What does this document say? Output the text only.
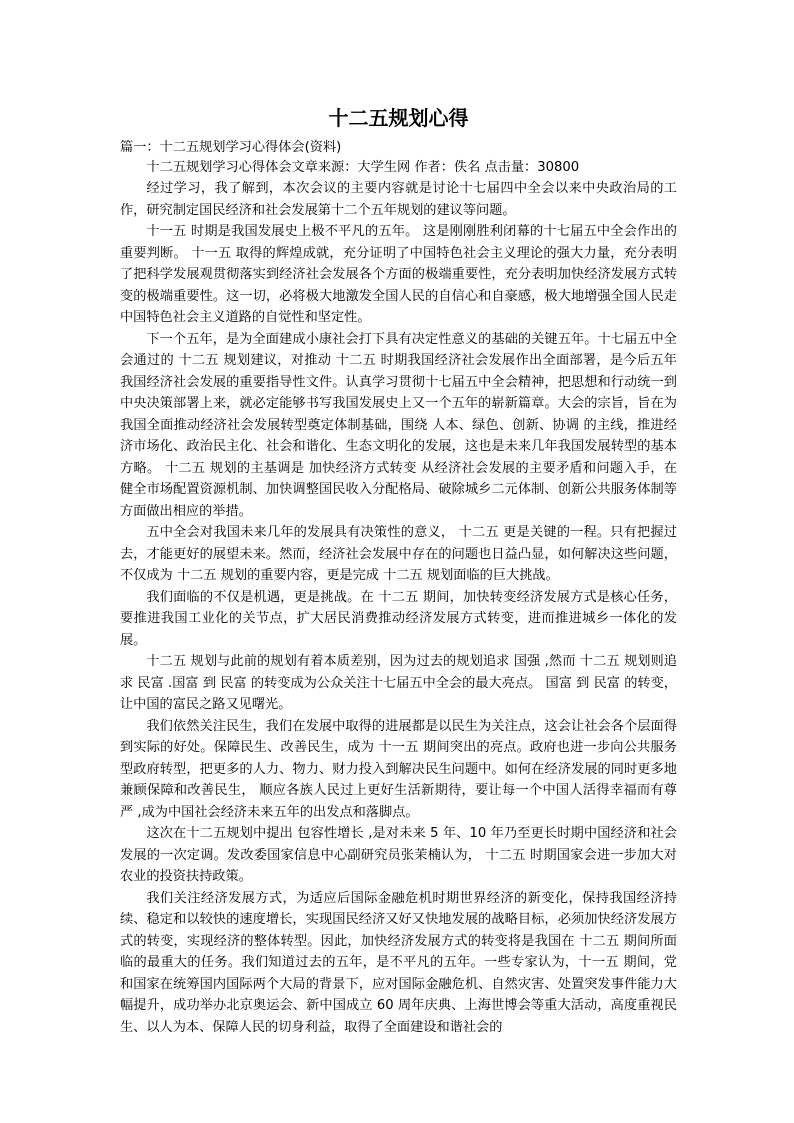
十二五规划心得

篇一：十二五规划学习心得体会(资料)

十二五规划学习心得体会文章来源：大学生网 作者：佚名 点击量：30800

经过学习，我了解到，本次会议的主要内容就是讨论十七届四中全会以来中央政治局的工作，研究制定国民经济和社会发展第十二个五年规划的建议等问题。

十一五 时期是我国发展史上极不平凡的五年。 这是刚刚胜利闭幕的十七届五中全会作出的重要判断。 十一五 取得的辉煌成就，充分证明了中国特色社会主义理论的强大力量，充分表明了把科学发展观贯彻落实到经济社会发展各个方面的极端重要性，充分表明加快经济发展方式转变的极端重要性。这一切，必将极大地激发全国人民的自信心和自豪感，极大地增强全国人民走中国特色社会主义道路的自觉性和坚定性。

下一个五年，是为全面建成小康社会打下具有决定性意义的基础的关键五年。十七届五中全会通过的 十二五 规划建议，对推动 十二五 时期我国经济社会发展作出全面部署，是今后五年我国经济社会发展的重要指导性文件。认真学习贯彻十七届五中全会精神，把思想和行动统一到中央决策部署上来，就必定能够书写我国发展史上又一个五年的崭新篇章。大会的宗旨，旨在为我国全面推动经济社会发展转型奠定体制基础，围绕 人本、绿色、创新、协调 的主线，推进经济市场化、政治民主化、社会和谐化、生态文明化的发展，这也是未来几年我国发展转型的基本方略。 十二五 规划的主基调是 加快经济方式转变 从经济社会发展的主要矛盾和问题入手，在健全市场配置资源机制、加快调整国民收入分配格局、破除城乡二元体制、创新公共服务体制等方面做出相应的举措。

五中全会对我国未来几年的发展具有决策性的意义， 十二五 更是关键的一程。只有把握过去，才能更好的展望未来。然而，经济社会发展中存在的问题也日益凸显，如何解决这些问题，不仅成为 十二五 规划的重要内容，更是完成 十二五 规划面临的巨大挑战。

我们面临的不仅是机遇，更是挑战。在 十二五 期间，加快转变经济发展方式是核心任务，要推进我国工业化的关节点，扩大居民消费推动经济发展方式转变，进而推进城乡一体化的发展。

十二五 规划与此前的规划有着本质差别，因为过去的规划追求 国强 ,然而 十二五 规划则追求 民富 .国富 到 民富 的转变成为公众关注十七届五中全会的最大亮点。 国富 到 民富 的转变，让中国的富民之路又见曙光。

我们依然关注民生，我们在发展中取得的进展都是以民生为关注点，这会让社会各个层面得到实际的好处。保障民生、改善民生，成为 十一五 期间突出的亮点。政府也进一步向公共服务型政府转型，把更多的人力、物力、财力投入到解决民生问题中。如何在经济发展的同时更多地兼顾保障和改善民生， 顺应各族人民过上更好生活新期待，要让每一个中国人活得幸福而有尊严 ,成为中国社会经济未来五年的出发点和落脚点。

这次在十二五规划中提出 包容性增长 ,是对未来 5 年、10 年乃至更长时期中国经济和社会发展的一次定调。发改委国家信息中心副研究员张茉楠认为， 十二五 时期国家会进一步加大对农业的投资扶持政策。

我们关注经济发展方式，为适应后国际金融危机时期世界经济的新变化，保持我国经济持续、稳定和以较快的速度增长，实现国民经济又好又快地发展的战略目标，必须加快经济发展方式的转变，实现经济的整体转型。因此，加快经济发展方式的转变将是我国在 十二五 期间所面临的最重大的任务。我们知道过去的五年，是不平凡的五年。一些专家认为，十一五 期间，党和国家在统筹国内国际两个大局的背景下，应对国际金融危机、自然灾害、处置突发事件能力大幅提升，成功举办北京奥运会、新中国成立 60 周年庆典、上海世博会等重大活动，高度重视民生、以人为本、保障人民的切身利益，取得了全面建设和谐社会的
